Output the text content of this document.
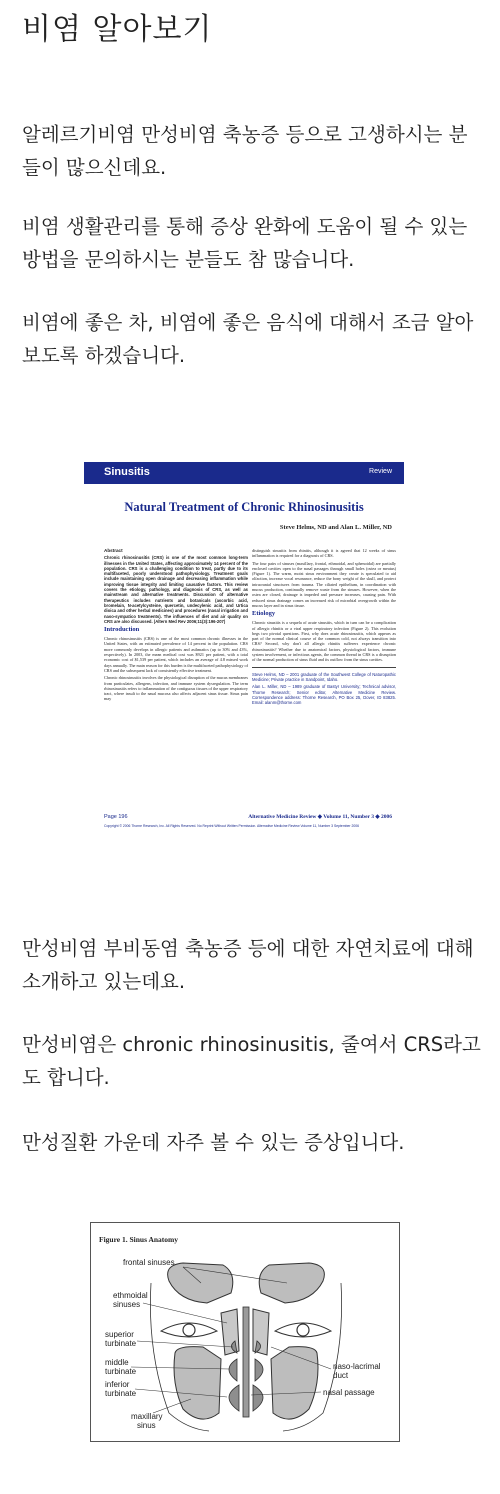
비염 알아보기

알레르기비염 만성비염 축농증 등으로 고생하시는 분들이 많으신데요.

비염 생활관리를 통해 증상 완화에 도움이 될 수 있는 방법을 문의하시는 분들도 참 많습니다.

비염에 좋은 차, 비염에 좋은 음식에 대해서 조금 알아보도록 하겠습니다.

Sinusitis	Review
Natural Treatment of Chronic Rhinosinusitis
Steve Helms, ND and Alan L. Miller, ND

Abstract

Chronic rhinosinusitis (CRS) is one of the most common long-term illnesses in the United States, affecting approximately 14 percent of the population. CRS is a challenging condition to treat, partly due to its multifaceted, poorly understood pathophysiology. Treatment goals include maintaining open drainage and decreasing inflammation while improving tissue integrity and limiting causative factors. This review covers the etiology, pathology, and diagnosis of CRS, as well as mainstream and alternative treatments. Discussion of alternative therapeutics includes nutrients and botanicals (ascorbic acid, bromelain, N-acetylcysteine, quercetin, undecylenic acid, and Urtica dioica and other herbal medicines) and procedures (nasal irrigation and naso-sympatico treatments). The influences of diet and air quality on CRS are also discussed. (Altern Med Rev 2006;11(3):196-207)

Introduction

Chronic rhinosinusitis (CRS) is one of the most common chronic illnesses in the United States, with an estimated prevalence of 14 percent in the population. CRS more commonly develops in allergic patients and asthmatics (up to 30% and 43%, respectively). In 2003, the mean medical cost was $921 per patient, with a total economic cost of $1,539 per patient, which includes an average of 4.8 missed work days annually. The main reason for this burden is the multifaceted pathophysiology of CRS and the subsequent lack of consistently effective treatment.

Chronic rhinosinusitis involves the physiological disruption of the mucus membranes from particulates, allergens, infection, and immune system dysregulation. The term rhinosinusitis refers to inflammation of the contiguous tissues of the upper respiratory tract, where insult to the nasal mucosa also affects adjacent sinus tissue. Sinus pain may

distinguish sinusitis from rhinitis, although it is agreed that 12 weeks of sinus inflammation is required for a diagnosis of CRS.

The four pairs of sinuses (maxillary, frontal, ethmoidal, and sphenoidal) are partially enclosed cavities open to the nasal passages through small holes (ostea or meatus) (Figure 1). The warm, moist sinus environment they create is speculated to aid olfaction, increase vocal resonance, reduce the bony weight of the skull, and protect intracranial structures from trauma. The ciliated epithelium, in coordination with mucus production, continually remove waste from the sinuses. However, when the ostea are closed, drainage is impeded and pressure increases, causing pain. With reduced sinus drainage comes an increased risk of microbial overgrowth within the mucus layer and in sinus tissue.

Etiology

Chronic sinusitis is a sequela of acute sinusitis, which in turn can be a complication of allergic rhinitis or a viral upper respiratory infection (Figure 2). This evolution begs two pivotal questions. First, why does acute rhinosinusitis, which appears as part of the normal clinical course of the common cold, not always transition into CRS? Second, why don't all allergic rhinitis sufferers experience chronic rhinosinusitis? Whether due to anatomical factors, physiological factors, immune system involvement, or infectious agents, the common thread in CRS is a disruption of the normal production of sinus fluid and its outflow from the sinus cavities.

Steve Helms, ND – 2001 graduate of the Southwest College of Naturopathic Medicine; Private practice in Sandpoint, Idaho.

Alan L. Miller, ND – 1989 graduate of Bastyr University; Technical advisor, Thorne Research; Senior editor, Alternative Medicine Review. Correspondence address: Thorne Research, PO Box 25, Dover, ID 83825. Email: alanm@thorne.com

Page 196	Alternative Medicine Review ◆ Volume 11, Number 3 ◆ 2006
Copyright © 2006 Thorne Research, Inc. All Rights Reserved. No Reprint Without Written Permission. Alternative Medicine Review Volume 11, Number 3 September 2006

만성비염 부비동염 축농증 등에 대한 자연치료에 대해 소개하고 있는데요.

만성비염은 chronic rhinosinusitis, 줄여서 CRS라고도 합니다.

만성질환 가운데 자주 볼 수 있는 증상입니다.

Figure 1. Sinus Anatomy
frontal sinuses
ethmoidal
sinuses
superior
turbinate
middle
turbinate
inferior
turbinate
maxillary
sinus
naso-lacrimal
duct
nasal passage
